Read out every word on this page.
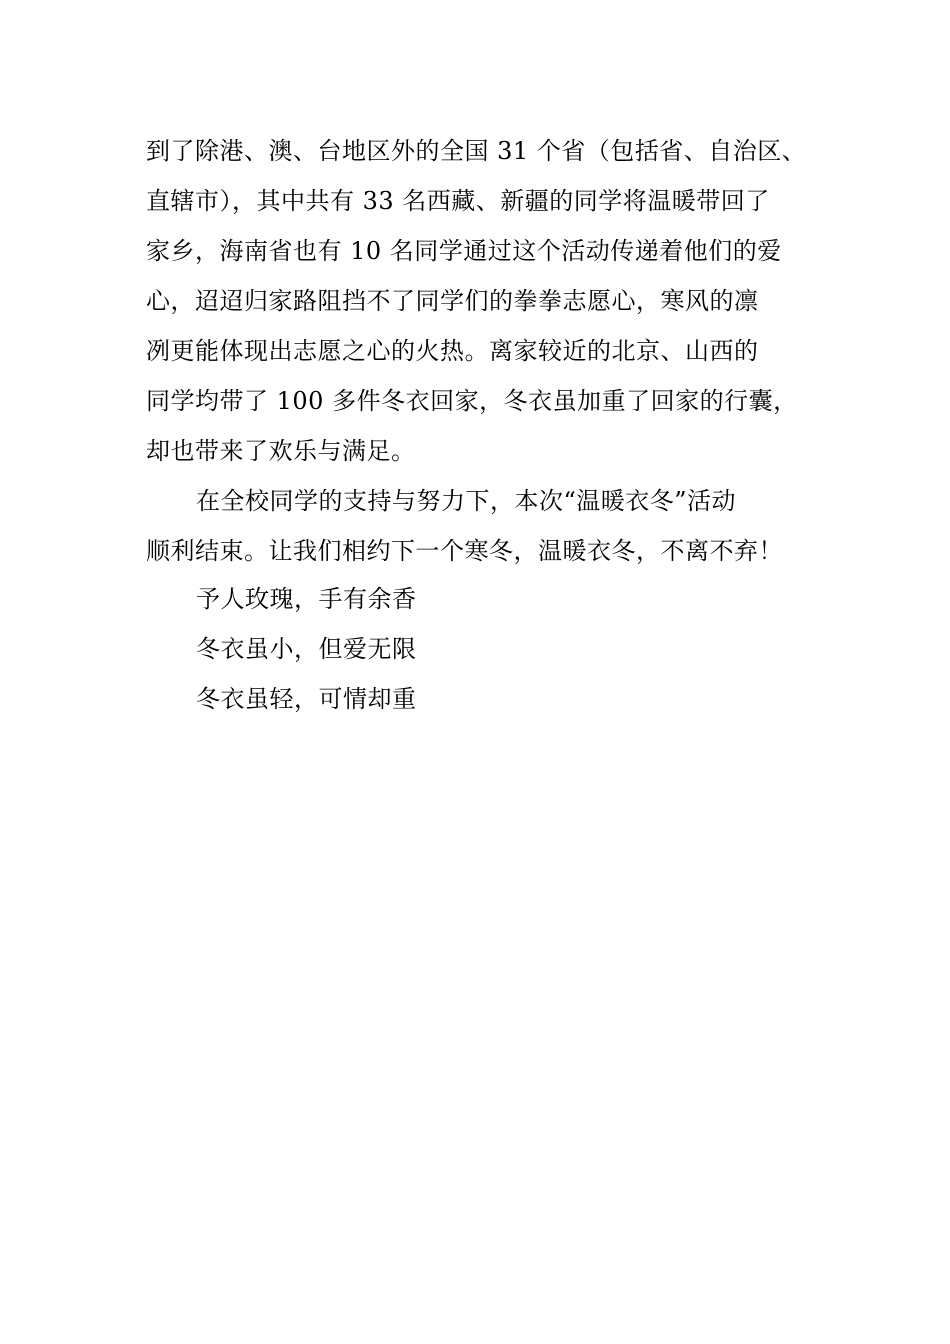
到了除港、澳、台地区外的全国 31 个省（包括省、自治区、
直辖市），其中共有 33 名西藏、新疆的同学将温暖带回了
家乡，海南省也有 10 名同学通过这个活动传递着他们的爱
心，迢迢归家路阻挡不了同学们的拳拳志愿心，寒风的凛
冽更能体现出志愿之心的火热。离家较近的北京、山西的
同学均带了 100 多件冬衣回家，冬衣虽加重了回家的行囊，
却也带来了欢乐与满足。
在全校同学的支持与努力下，本次“温暖衣冬”活动
顺利结束。让我们相约下一个寒冬，温暖衣冬，不离不弃！
予人玫瑰，手有余香
冬衣虽小，但爱无限
冬衣虽轻，可情却重
